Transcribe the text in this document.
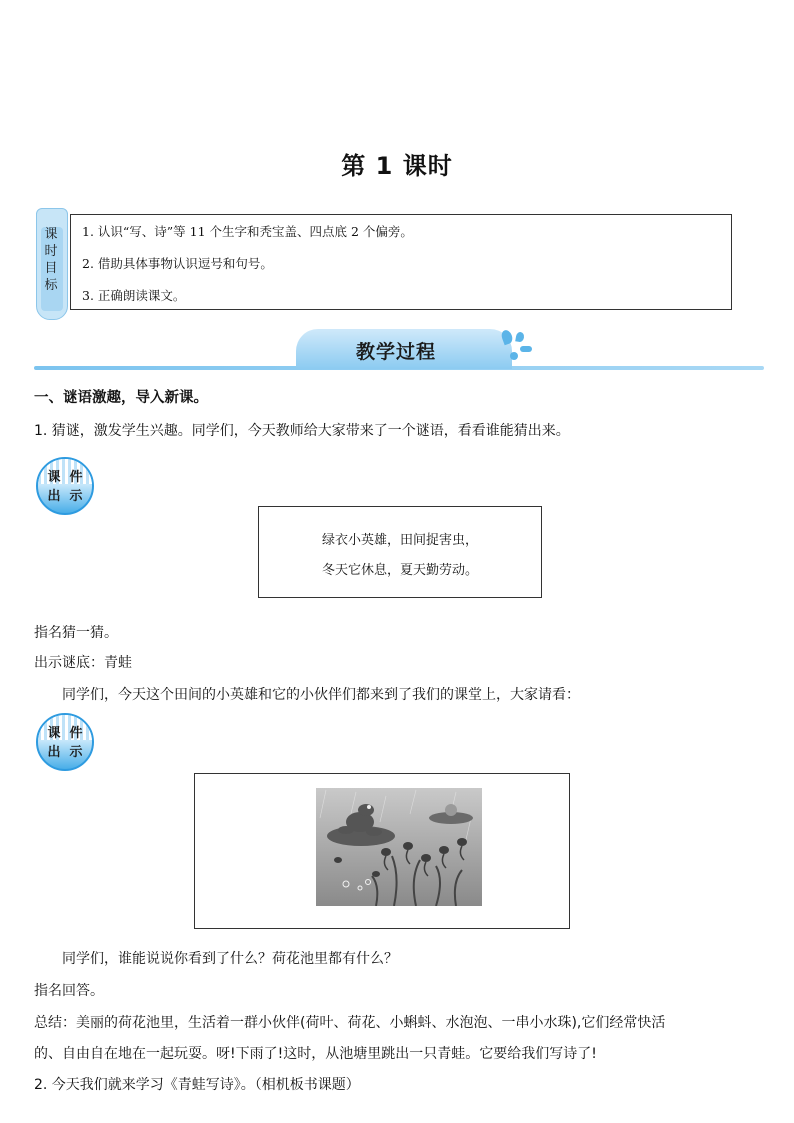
第 1 课时
课
时
目
标
1. 认识“写、诗”等 11 个生字和秃宝盖、四点底 2 个偏旁。
2. 借助具体事物认识逗号和句号。
3. 正确朗读课文。
教学过程
一、谜语激趣，导入新课。
1. 猜谜，激发学生兴趣。同学们，今天教师给大家带来了一个谜语，看看谁能猜出来。
课 件
出 示
绿衣小英雄，田间捉害虫，
冬天它休息，夏天勤劳动。
指名猜一猜。
出示谜底：青蛙
同学们，今天这个田间的小英雄和它的小伙伴们都来到了我们的课堂上，大家请看：
课 件
出 示
同学们，谁能说说你看到了什么？荷花池里都有什么？
指名回答。
总结：美丽的荷花池里，生活着一群小伙伴(荷叶、荷花、小蝌蚪、水泡泡、一串小水珠),它们经常快活
的、自由自在地在一起玩耍。呀!下雨了!这时，从池塘里跳出一只青蛙。它要给我们写诗了!
2. 今天我们就来学习《青蛙写诗》。（相机板书课题）
